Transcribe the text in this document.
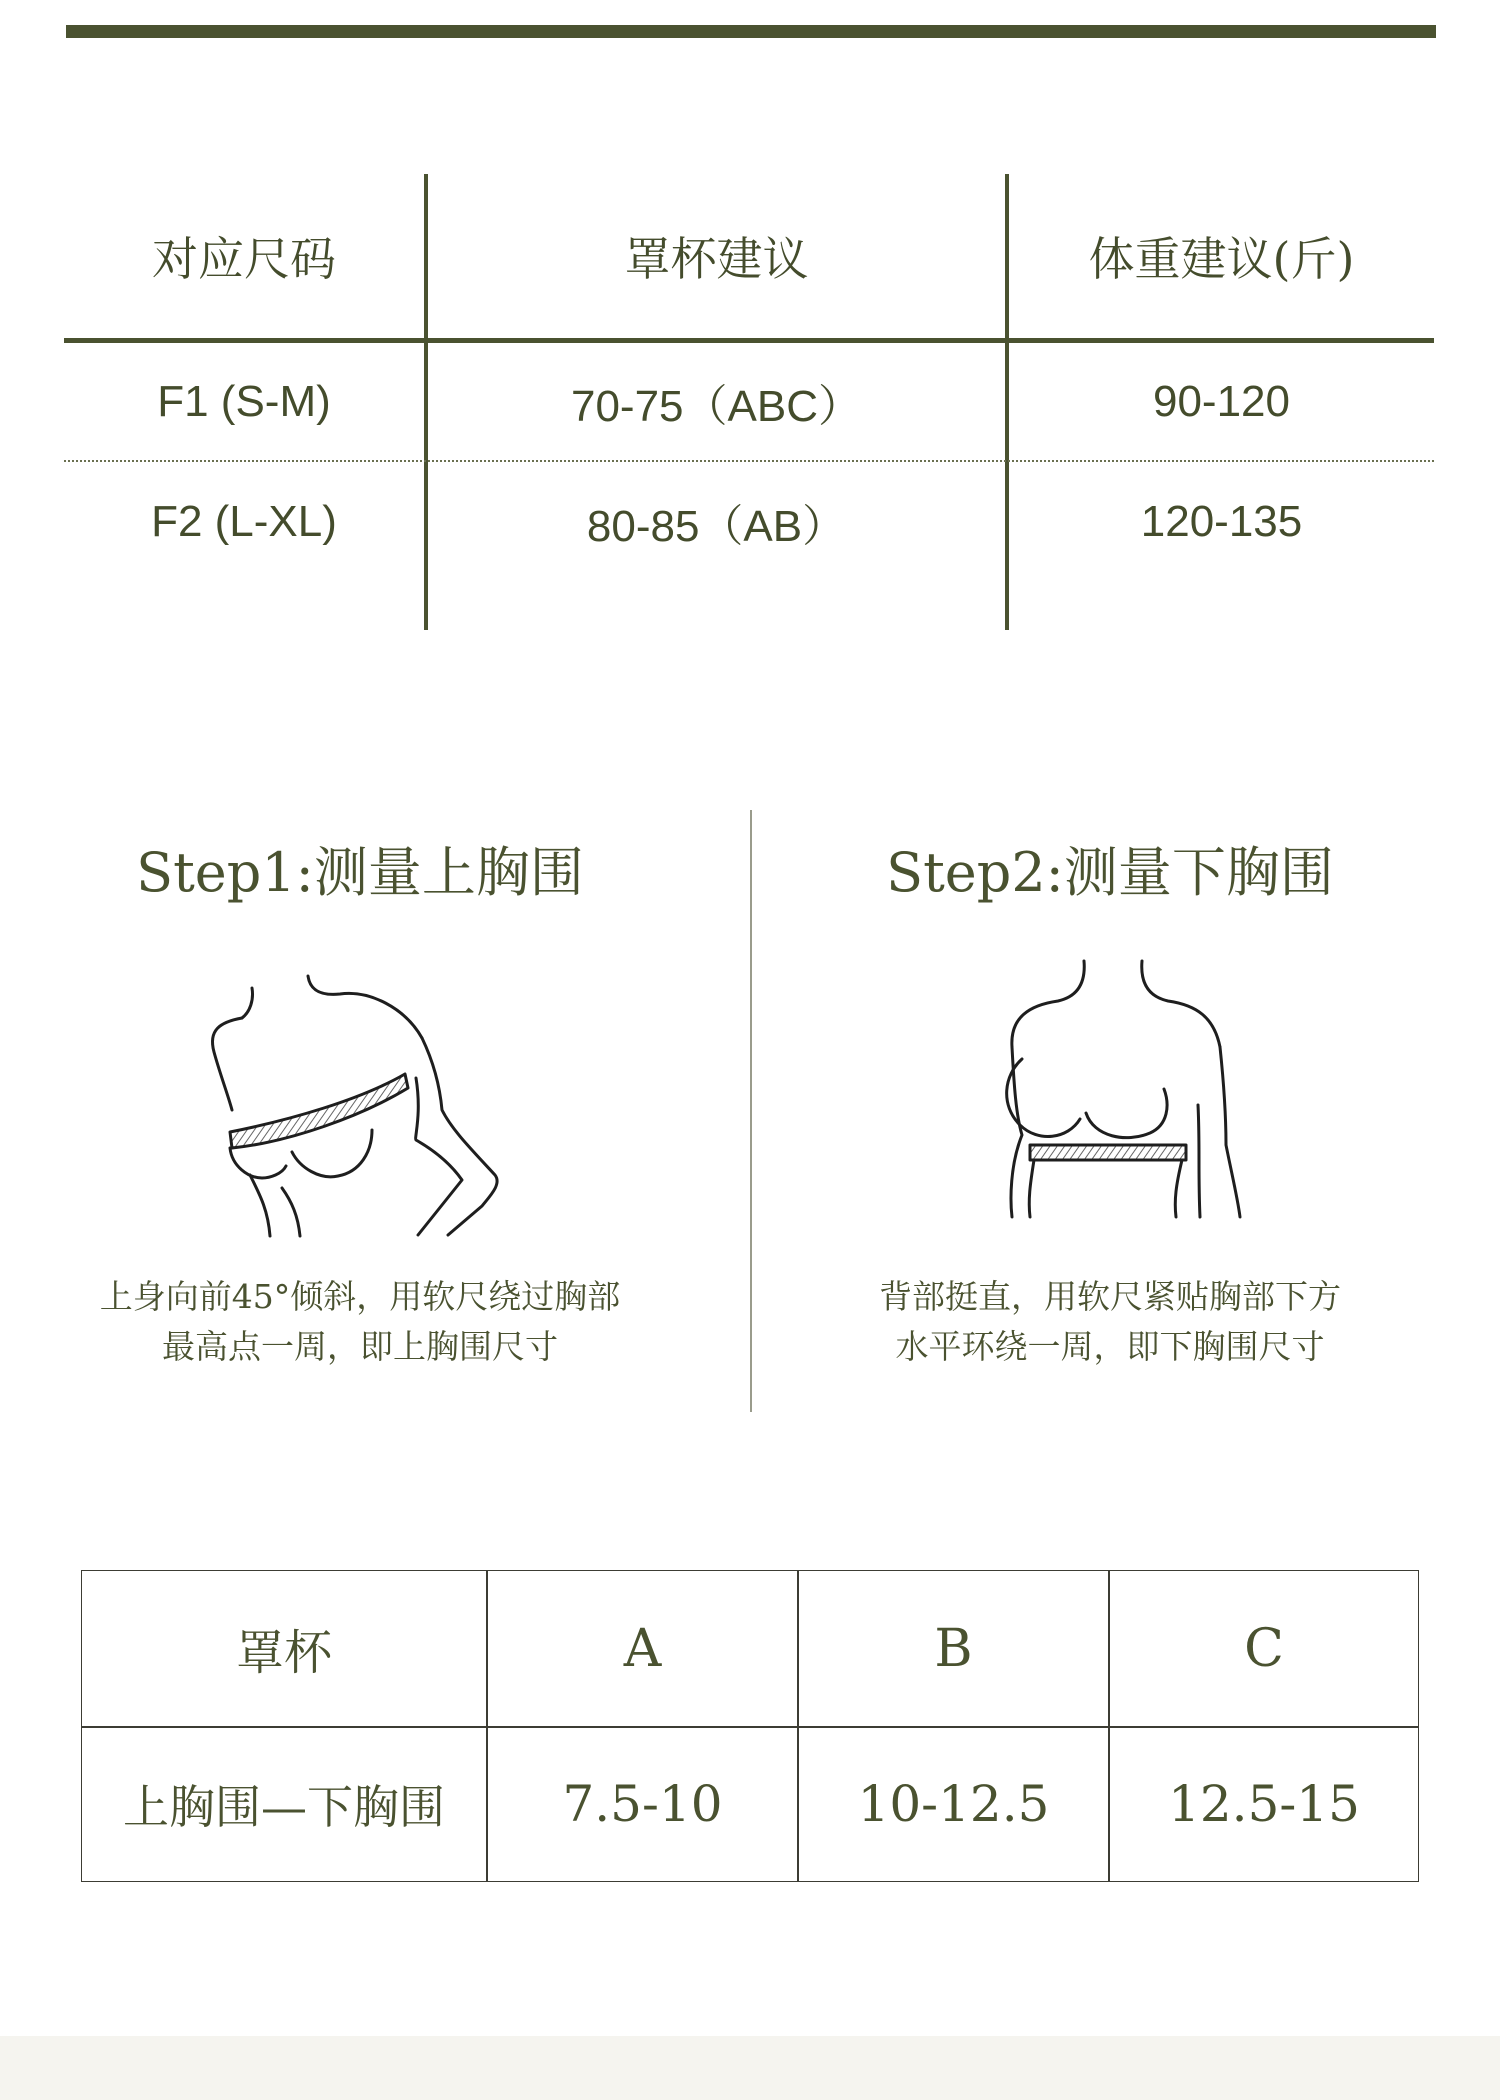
对应尺码	罩杯建议	体重建议(斤)
F1 (S-M)	70-75（ABC）	90-120
F2 (L-XL)	80-85（AB）	120-135
Step1:测量上胸围	Step2:测量下胸围
上身向前45°倾斜，用软尺绕过胸部
最高点一周，即上胸围尺寸
背部挺直，用软尺紧贴胸部下方
水平环绕一周，即下胸围尺寸
罩杯	A	B	C
上胸围—下胸围	7.5-10	10-12.5	12.5-15
